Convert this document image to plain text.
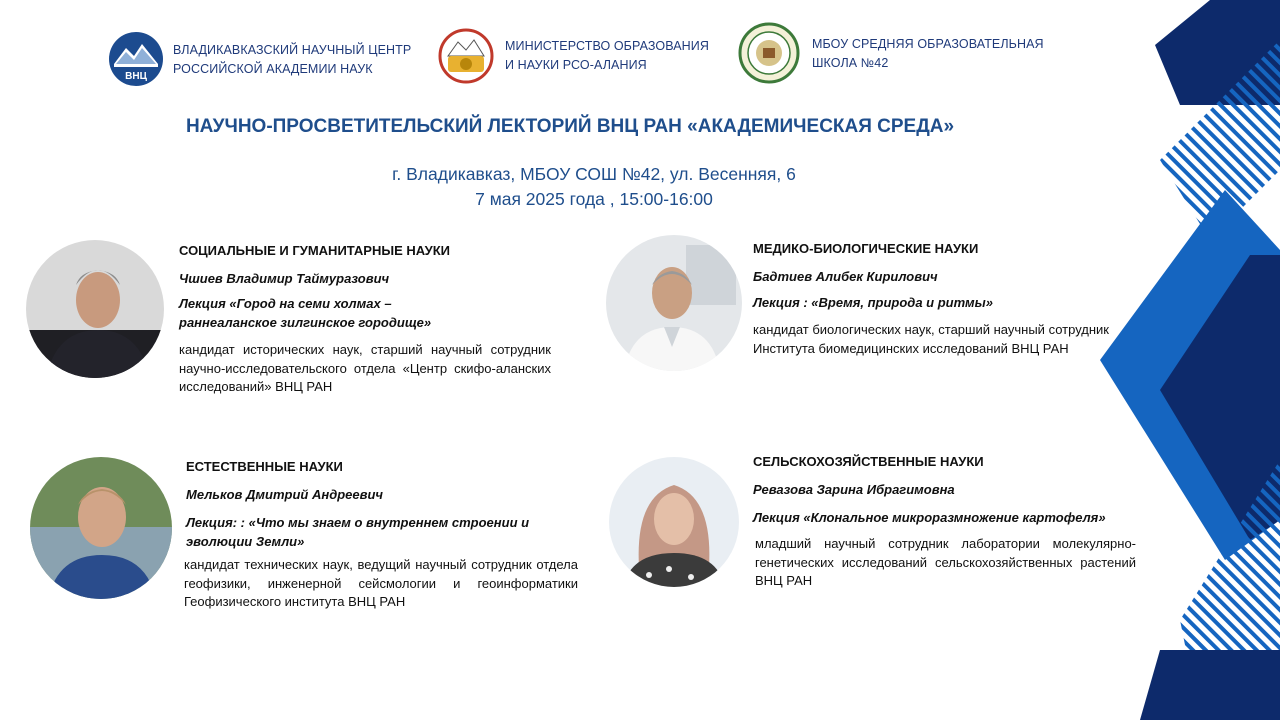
ВНЦ
ВЛАДИКАВКАЗСКИЙ НАУЧНЫЙ ЦЕНТР
РОССИЙСКОЙ АКАДЕМИИ НАУК
МИНИСТЕРСТВО ОБРАЗОВАНИЯ
И НАУКИ РСО-АЛАНИЯ
МБОУ СРЕДНЯЯ ОБРАЗОВАТЕЛЬНАЯ
ШКОЛА №42
НАУЧНО-ПРОСВЕТИТЕЛЬСКИЙ ЛЕКТОРИЙ ВНЦ РАН «АКАДЕМИЧЕСКАЯ СРЕДА»
г. Владикавказ, МБОУ СОШ №42, ул. Весенняя, 6
7 мая 2025 года , 15:00-16:00
СОЦИАЛЬНЫЕ И ГУМАНИТАРНЫЕ НАУКИ
Чшиев Владимир Таймуразович
Лекция «Город на семи холмах –
раннеаланское зилгинское городище»
кандидат исторических наук, старший научный сотрудник научно-исследовательского отдела «Центр скифо-аланских исследований» ВНЦ РАН
МЕДИКО-БИОЛОГИЧЕСКИЕ НАУКИ
Бадтиев Алибек Кирилович
Лекция : «Время, природа и ритмы»
кандидат биологических наук, старший научный сотрудник Института биомедицинских исследований ВНЦ РАН
ЕСТЕСТВЕННЫЕ НАУКИ
Мельков Дмитрий Андреевич
Лекция: : «Что мы знаем о внутреннем строении и
эволюции Земли»
кандидат технических наук, ведущий научный сотрудник отдела геофизики, инженерной сейсмологии и геоинформатики Геофизического института ВНЦ РАН
СЕЛЬСКОХОЗЯЙСТВЕННЫЕ НАУКИ
Ревазова Зарина Ибрагимовна
Лекция «Клональное микроразмножение картофеля»
младший научный сотрудник лаборатории молекулярно-генетических исследований сельскохозяйственных растений ВНЦ РАН
